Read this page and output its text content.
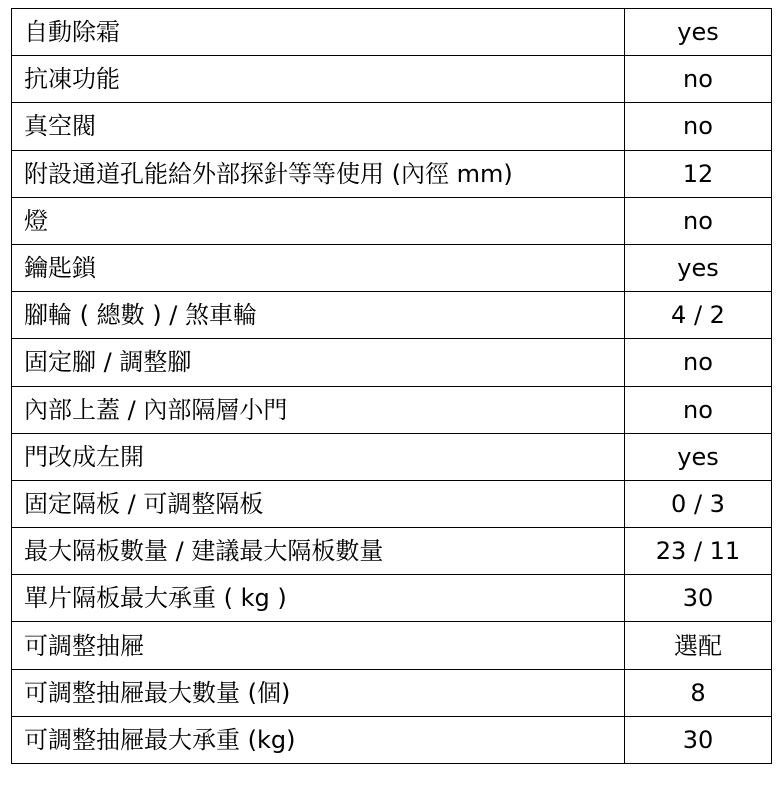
自動除霜	yes
抗凍功能	no
真空閥	no
附設通道孔能給外部探針等等使用 (內徑 mm)	12
燈	no
鑰匙鎖	yes
腳輪 ( 總數 ) / 煞車輪	4 / 2
固定腳 / 調整腳	no
內部上蓋 / 內部隔層小門	no
門改成左開	yes
固定隔板 / 可調整隔板	0 / 3
最大隔板數量 / 建議最大隔板數量	23 / 11
單片隔板最大承重 ( kg )	30
可調整抽屜	選配
可調整抽屜最大數量 (個)	8
可調整抽屜最大承重 (kg)	30
